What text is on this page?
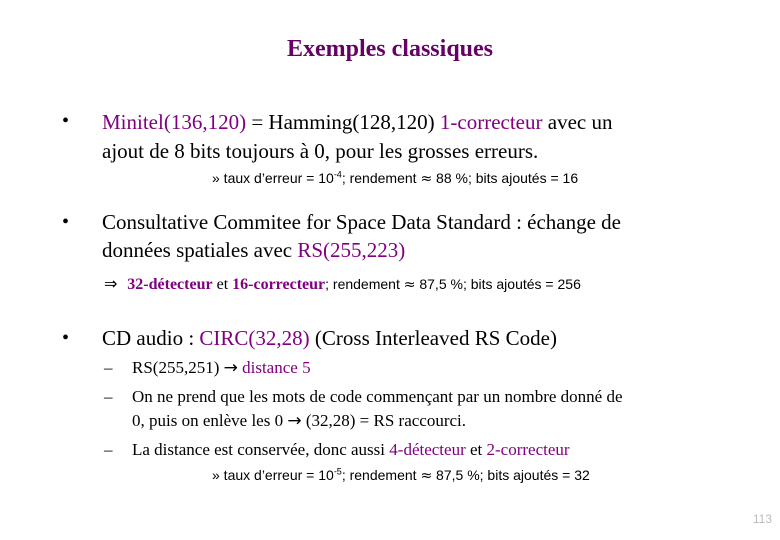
Exemples classiques
• Minitel(136,120) = Hamming(128,120) 1-correcteur avec un
ajout de 8 bits toujours à 0, pour les grosses erreurs.
» taux d’erreur = $10^{-4}$; rendement ≈ 88 %; bits ajoutés = 16
• Consultative Commitee for Space Data Standard : échange de
données spatiales avec RS(255,223)
⇒ 32-détecteur et 16-correcteur; rendement ≈ 87,5 %; bits ajoutés = 256
• CD audio : CIRC(32,28) (Cross Interleaved RS Code)
– RS(255,251) → distance 5
– On ne prend que les mots de code commençant par un nombre donné de
0, puis on enlève les 0 → (32,28) = RS raccourci.
– La distance est conservée, donc aussi 4-détecteur et 2-correcteur
» taux d’erreur = $10^{-5}$; rendement ≈ 87,5 %; bits ajoutés = 32
113
